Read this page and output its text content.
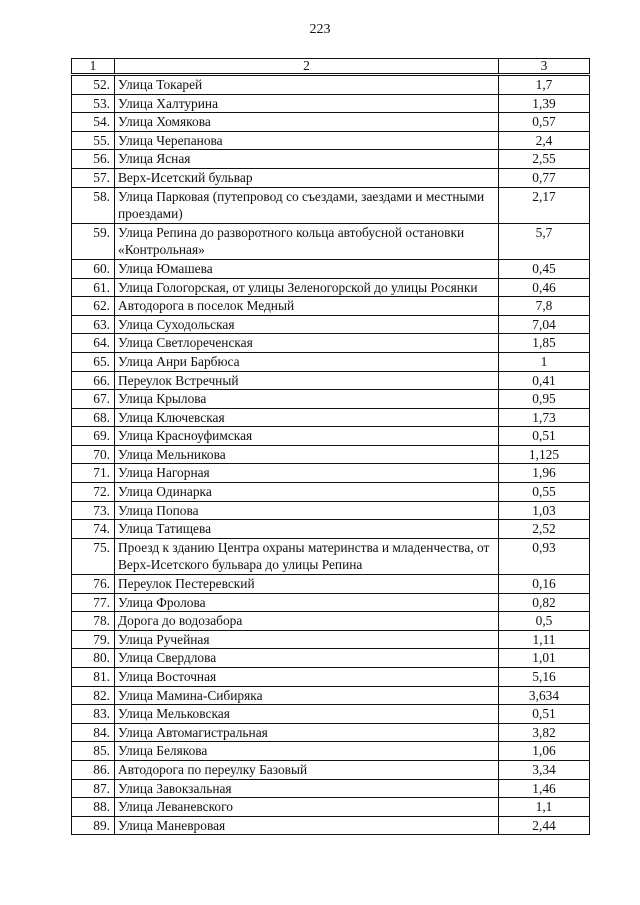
223
1	2	3
52.	Улица Токарей	1,7
53.	Улица Халтурина	1,39
54.	Улица Хомякова	0,57
55.	Улица Черепанова	2,4
56.	Улица Ясная	2,55
57.	Верх-Исетский бульвар	0,77
58.	Улица Парковая (путепровод со съездами, заездами и местными проездами)	2,17
59.	Улица Репина до разворотного кольца автобусной остановки «Контрольная»	5,7
60.	Улица Юмашева	0,45
61.	Улица Гологорская, от улицы Зеленогорской до улицы Росянки	0,46
62.	Автодорога в поселок Медный	7,8
63.	Улица Суходольская	7,04
64.	Улица Светлореченская	1,85
65.	Улица Анри Барбюса	1
66.	Переулок Встречный	0,41
67.	Улица Крылова	0,95
68.	Улица Ключевская	1,73
69.	Улица Красноуфимская	0,51
70.	Улица Мельникова	1,125
71.	Улица Нагорная	1,96
72.	Улица Одинарка	0,55
73.	Улица Попова	1,03
74.	Улица Татищева	2,52
75.	Проезд к зданию Центра охраны материнства и младенчества, от Верх-Исетского бульвара до улицы Репина	0,93
76.	Переулок Пестеревский	0,16
77.	Улица Фролова	0,82
78.	Дорога до водозабора	0,5
79.	Улица Ручейная	1,11
80.	Улица Свердлова	1,01
81.	Улица Восточная	5,16
82.	Улица Мамина-Сибиряка	3,634
83.	Улица Мельковская	0,51
84.	Улица Автомагистральная	3,82
85.	Улица Белякова	1,06
86.	Автодорога по переулку Базовый	3,34
87.	Улица Завокзальная	1,46
88.	Улица Леваневского	1,1
89.	Улица Маневровая	2,44
